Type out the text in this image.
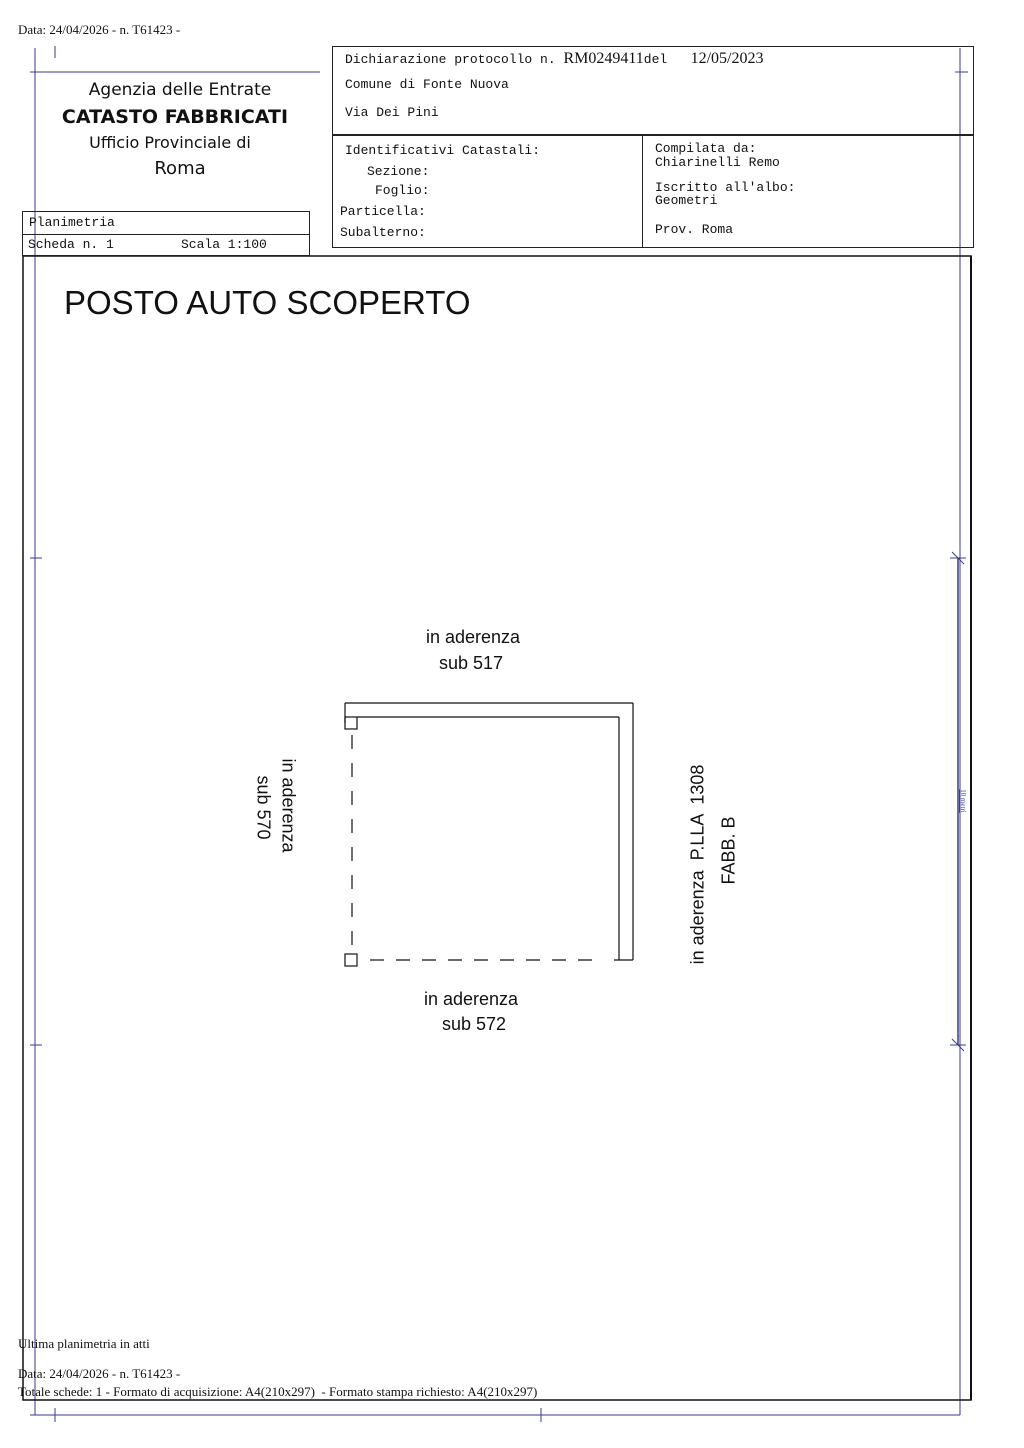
Data: 24/04/2026 - n. T61423 -
Agenzia delle Entrate
CATASTO FABBRICATI
Ufficio Provinciale di
Roma
Dichiarazione protocollo n. RM0249411del 12/05/2023
Comune di Fonte Nuova
Via Dei Pini
Identificativi Catastali:
Sezione:
Foglio:
Particella:
Subalterno:
Compilata da:
Chiarinelli Remo
Iscritto all'albo:
Geometri
Prov. Roma
Planimetria
Scheda n. 1	Scala 1:100
POSTO AUTO SCOPERTO
in aderenza
sub 517
in aderenza
sub 570	in aderenza  P.LLA  1308 FABB. B
in aderenza
sub 572
10 metri
Ultima planimetria in atti
Data: 24/04/2026 - n. T61423 -
Totale schede: 1 - Formato di acquisizione: A4(210x297)  - Formato stampa richiesto: A4(210x297)
